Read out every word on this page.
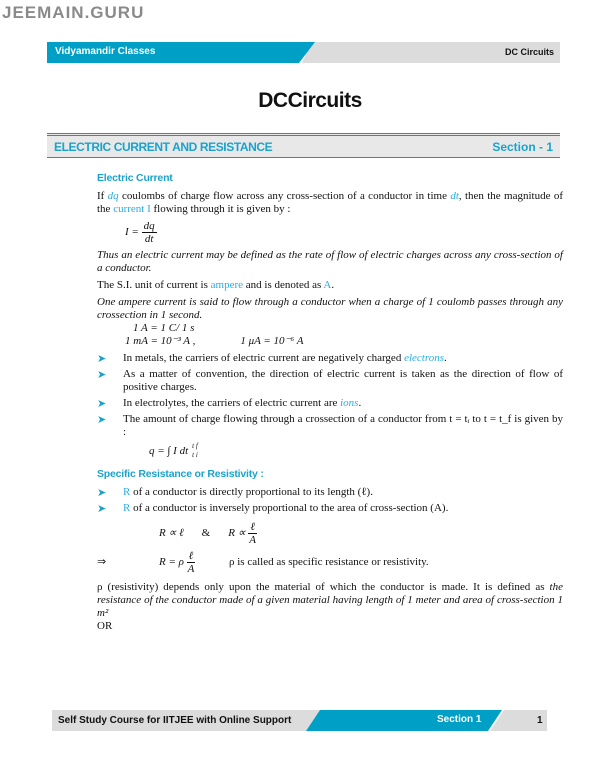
JEEMAIN.GURU
Vidyamandir Classes	DC Circuits
DCCircuits
ELECTRIC CURRENT AND RESISTANCE	Section - 1
Electric Current

If dq coulombs of charge flow across any cross-section of a conductor in time dt, then the magnitude of the current I flowing through it is given by :

I =
$\frac{dq}{dt}$

Thus an electric current may be defined as the rate of flow of electric charges across any cross-section of a conductor.

The S.I. unit of current is ampere and is denoted as A.

One ampere current is said to flow through a conductor when a charge of 1 coulomb passes through any crossection in 1 second.

1 A = 1 C/ 1 s
1 mA = 10⁻³ A ,	1 μA = 10⁻⁶ A
➤ In metals, the carriers of electric current are negatively charged electrons.
➤ As a matter of convention, the direction of electric current is taken as the direction of flow of positive charges.
➤ In electrolytes, the carriers of electric current are ions.
➤ The amount of charge flowing through a crossection of a conductor from t = tᵢ to t = t_f is given by :
q = ∫ I dt t f
t i
Specific Resistance or Resistivity :
➤ R of a conductor is directly proportional to its length (ℓ).
➤ R of a conductor is inversely proportional to the area of cross-section (A).
R ∝ ℓ & R ∝
$\frac{\text{ℓ}}{A}$
⇒	R = ρ
$\frac{\text{ℓ}}{A}$	ρ is called as specific resistance or resistivity.

ρ (resistivity) depends only upon the material of which the conductor is made. It is defined as the resistance of the conductor made of a given material having length of 1 meter and area of cross-section 1 m²

OR
Self Study Course for IITJEE with Online Support	Section 1	1
